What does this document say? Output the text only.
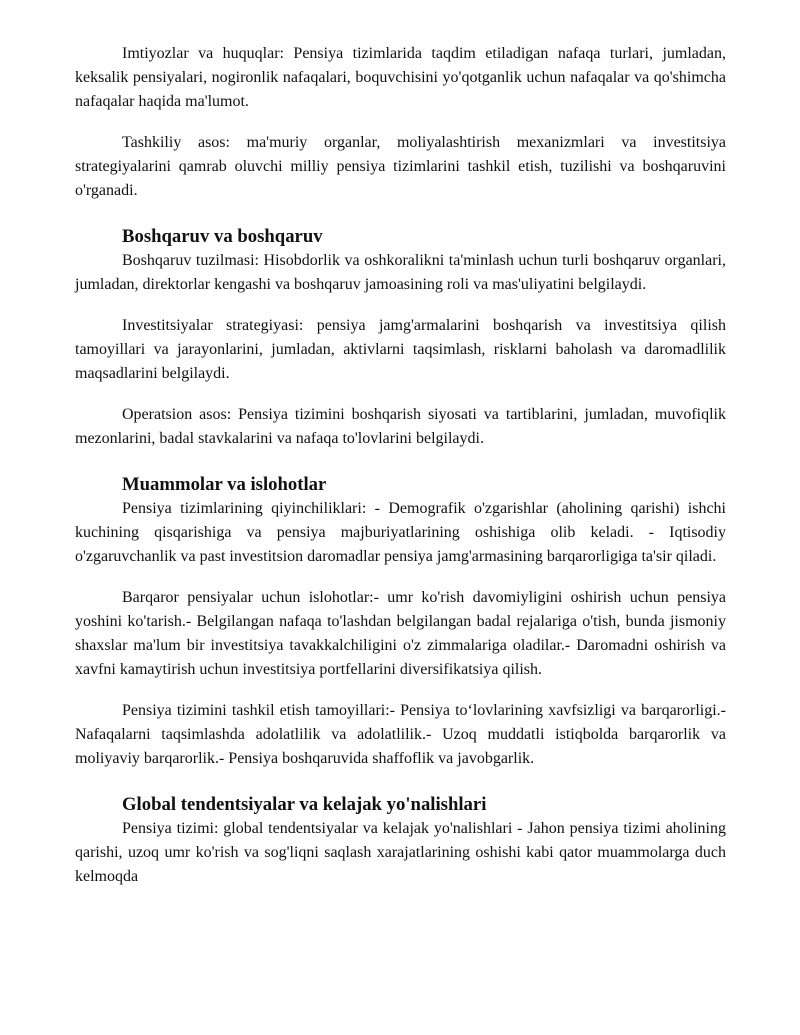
Imtiyozlar va huquqlar: Pensiya tizimlarida taqdim etiladigan nafaqa turlari, jumladan, keksalik pensiyalari, nogironlik nafaqalari, boquvchisini yo'qotganlik uchun nafaqalar va qo'shimcha nafaqalar haqida ma'lumot.

Tashkiliy asos: ma'muriy organlar, moliyalashtirish mexanizmlari va investitsiya strategiyalarini qamrab oluvchi milliy pensiya tizimlarini tashkil etish, tuzilishi va boshqaruvini o'rganadi.

Boshqaruv va boshqaruv

Boshqaruv tuzilmasi: Hisobdorlik va oshkoralikni ta'minlash uchun turli boshqaruv organlari, jumladan, direktorlar kengashi va boshqaruv jamoasining roli va mas'uliyatini belgilaydi.

Investitsiyalar strategiyasi: pensiya jamg'armalarini boshqarish va investitsiya qilish tamoyillari va jarayonlarini, jumladan, aktivlarni taqsimlash, risklarni baholash va daromadlilik maqsadlarini belgilaydi.

Operatsion asos: Pensiya tizimini boshqarish siyosati va tartiblarini, jumladan, muvofiqlik mezonlarini, badal stavkalarini va nafaqa to'lovlarini belgilaydi.

Muammolar va islohotlar

Pensiya tizimlarining qiyinchiliklari: - Demografik o'zgarishlar (aholining qarishi) ishchi kuchining qisqarishiga va pensiya majburiyatlarining oshishiga olib keladi. - Iqtisodiy o'zgaruvchanlik va past investitsion daromadlar pensiya jamg'armasining barqarorligiga ta'sir qiladi.

Barqaror pensiyalar uchun islohotlar:- umr ko'rish davomiyligini oshirish uchun pensiya yoshini ko'tarish.- Belgilangan nafaqa to'lashdan belgilangan badal rejalariga o'tish, bunda jismoniy shaxslar ma'lum bir investitsiya tavakkalchiligini o'z zimmalariga oladilar.- Daromadni oshirish va xavfni kamaytirish uchun investitsiya portfellarini diversifikatsiya qilish.

Pensiya tizimini tashkil etish tamoyillari:- Pensiya to‘lovlarining xavfsizligi va barqarorligi.- Nafaqalarni taqsimlashda adolatlilik va adolatlilik.- Uzoq muddatli istiqbolda barqarorlik va moliyaviy barqarorlik.- Pensiya boshqaruvida shaffoflik va javobgarlik.

Global tendentsiyalar va kelajak yo'nalishlari

Pensiya tizimi: global tendentsiyalar va kelajak yo'nalishlari - Jahon pensiya tizimi aholining qarishi, uzoq umr ko'rish va sog'liqni saqlash xarajatlarining oshishi kabi qator muammolarga duch kelmoqda
